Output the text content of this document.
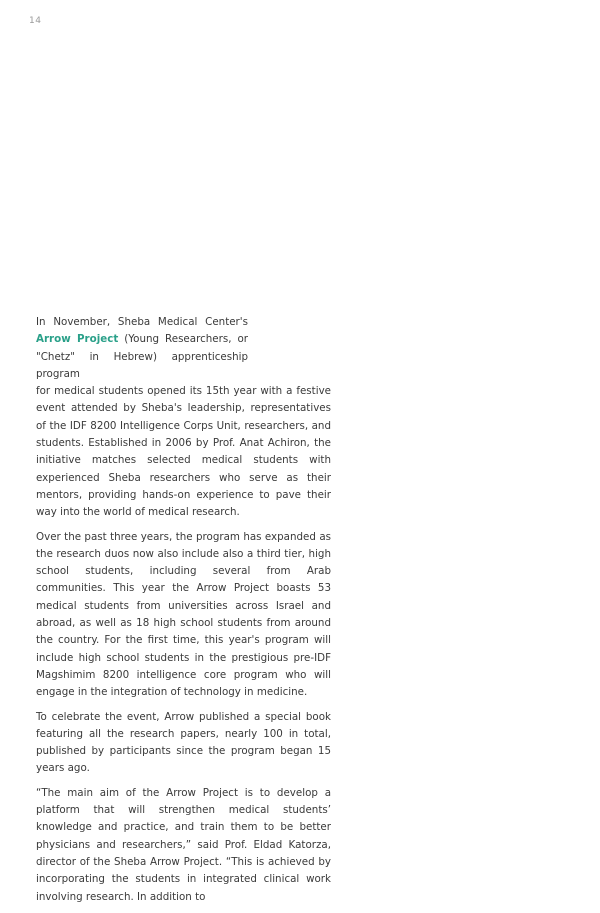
14

In November, Sheba Medical Center's
Arrow Project (Young Researchers, or
"Chetz" in Hebrew) apprenticeship program
for medical students opened its 15th year with a festive event attended by Sheba's leadership, representatives of the IDF 8200 Intelligence Corps Unit, researchers, and students. Established in 2006 by Prof. Anat Achiron, the initiative matches selected medical students with experienced Sheba researchers who serve as their mentors, providing hands-on experience to pave their way into the world of medical research.

Over the past three years, the program has expanded as the research duos now also include also a third tier, high school students, including several from Arab communities. This year the Arrow Project boasts 53 medical students from universities across Israel and abroad, as well as 18 high school students from around the country. For the first time, this year's program will include high school students in the prestigious pre-IDF Magshimim 8200 intelligence core program who will engage in the integration of technology in medicine.

To celebrate the event, Arrow published a special book featuring all the research papers, nearly 100 in total, published by participants since the program began 15 years ago.

“The main aim of the Arrow Project is to develop a platform that will strengthen medical students’ knowledge and practice, and train them to be better physicians and researchers,” said Prof. Eldad Katorza, director of the Sheba Arrow Project. “This is achieved by incorporating the students in integrated clinical work involving research. In addition to
